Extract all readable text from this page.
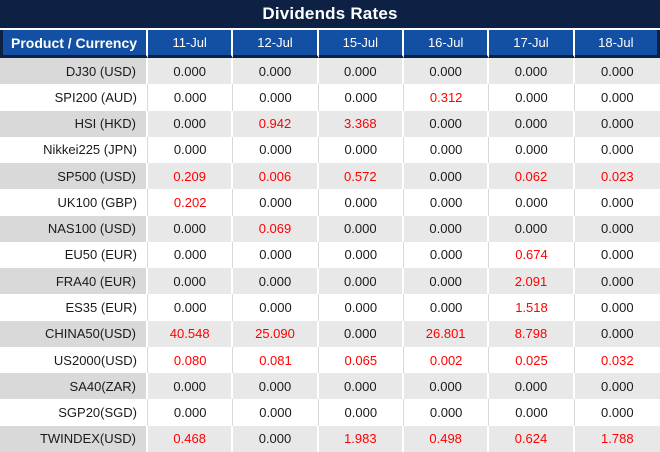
Dividends Rates						
Product / Currency	11-Jul	12-Jul	15-Jul	16-Jul	17-Jul	18-Jul
DJ30 (USD)	0.000	0.000	0.000	0.000	0.000	0.000
SPI200 (AUD)	0.000	0.000	0.000	0.312	0.000	0.000
HSI (HKD)	0.000	0.942	3.368	0.000	0.000	0.000
Nikkei225 (JPN)	0.000	0.000	0.000	0.000	0.000	0.000
SP500 (USD)	0.209	0.006	0.572	0.000	0.062	0.023
UK100 (GBP)	0.202	0.000	0.000	0.000	0.000	0.000
NAS100 (USD)	0.000	0.069	0.000	0.000	0.000	0.000
EU50 (EUR)	0.000	0.000	0.000	0.000	0.674	0.000
FRA40 (EUR)	0.000	0.000	0.000	0.000	2.091	0.000
ES35 (EUR)	0.000	0.000	0.000	0.000	1.518	0.000
CHINA50(USD)	40.548	25.090	0.000	26.801	8.798	0.000
US2000(USD)	0.080	0.081	0.065	0.002	0.025	0.032
SA40(ZAR)	0.000	0.000	0.000	0.000	0.000	0.000
SGP20(SGD)	0.000	0.000	0.000	0.000	0.000	0.000
TWINDEX(USD)	0.468	0.000	1.983	0.498	0.624	1.788
